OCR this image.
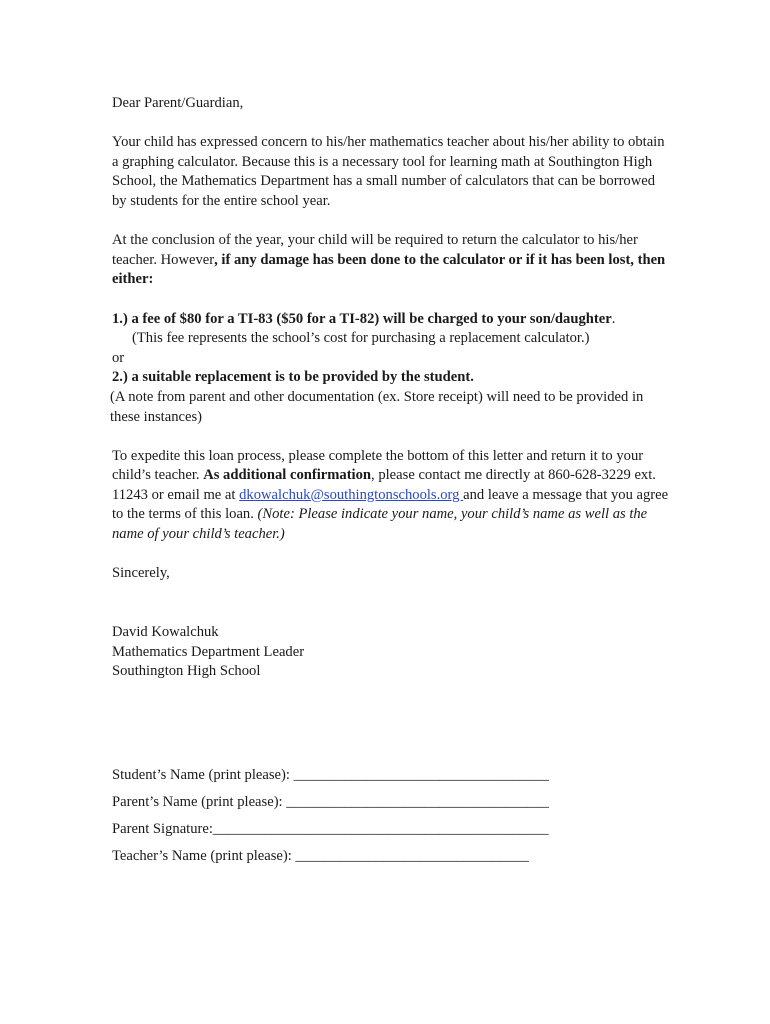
Dear Parent/Guardian,

Your child has expressed concern to his/her mathematics teacher about his/her ability to obtain a graphing calculator. Because this is a necessary tool for learning math at Southington High School, the Mathematics Department has a small number of calculators that can be borrowed by students for the entire school year.

At the conclusion of the year, your child will be required to return the calculator to his/her teacher. However, if any damage has been done to the calculator or if it has been lost, then either:

1.) a fee of $80 for a TI-83 ($50 for a TI-82) will be charged to your son/daughter.

(This fee represents the school’s cost for purchasing a replacement calculator.)

or

2.) a suitable replacement is to be provided by the student.

(A note from parent and other documentation (ex. Store receipt) will need to be provided in these instances)

To expedite this loan process, please complete the bottom of this letter and return it to your child’s teacher. As additional confirmation, please contact me directly at 860-628-3229 ext. 11243 or email me at dkowalchuk@southingtonschools.org and leave a message that you agree to the terms of this loan. (Note: Please indicate your name, your child’s name as well as the name of your child’s teacher.)

Sincerely,

David Kowalchuk

Mathematics Department Leader

Southington High School

Student’s Name (print please): ___________________________________
Parent’s Name (print please): ____________________________________
Parent Signature:______________________________________________
Teacher’s Name (print please): ________________________________
